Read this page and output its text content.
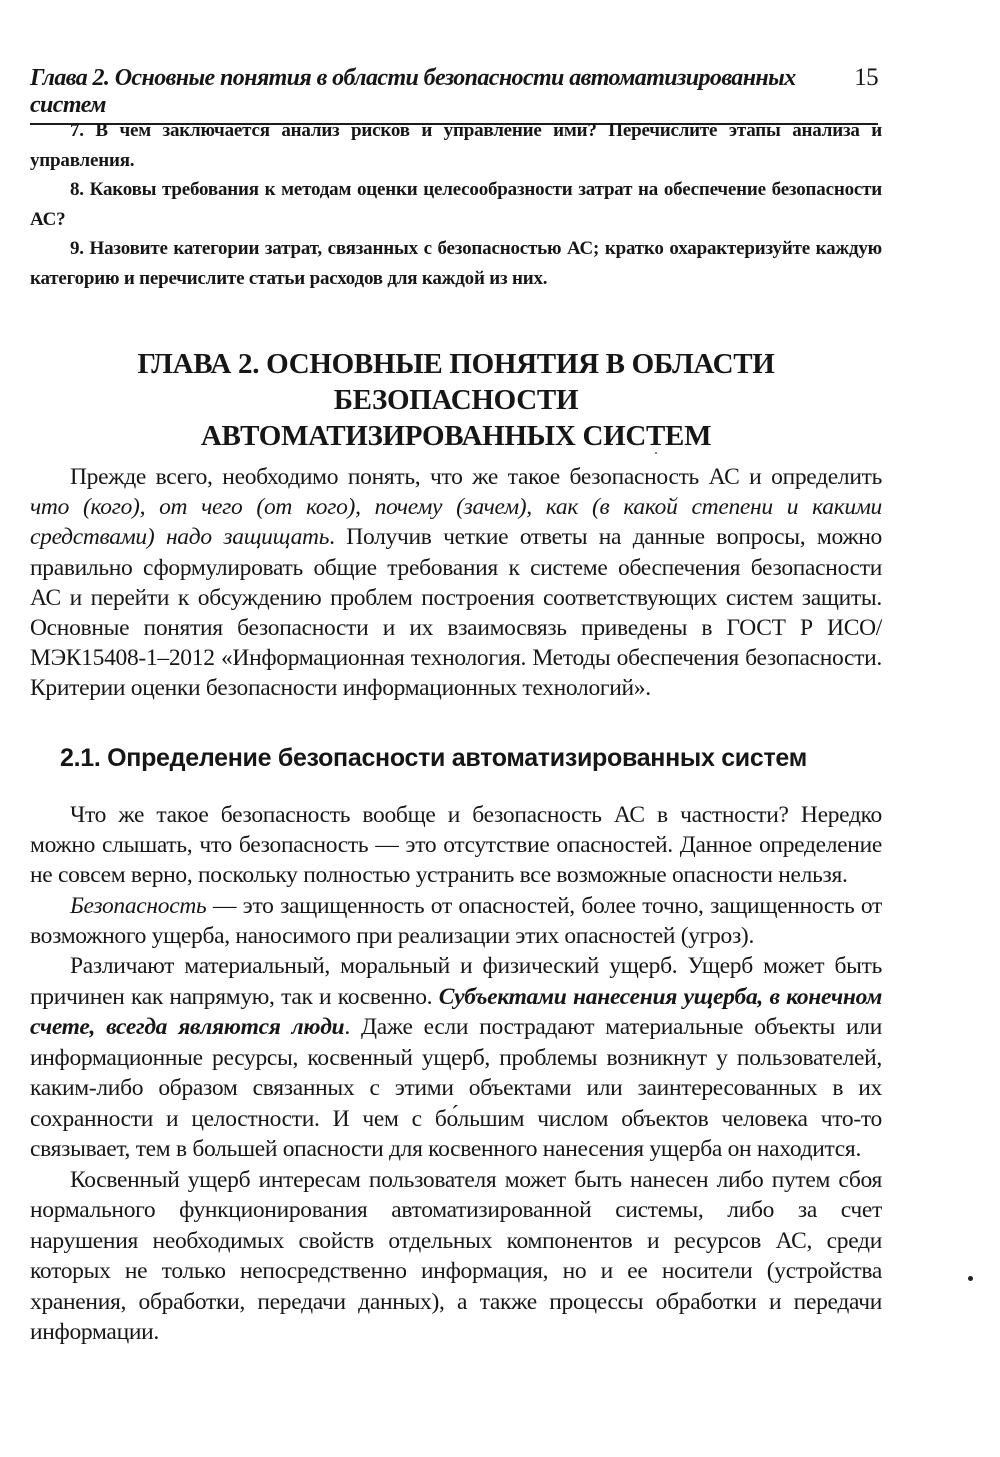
Глава 2. Основные понятия в области безопасности автоматизированных систем
15

7. В чем заключается анализ рисков и управление ими? Перечислите этапы анализа и управления.

8. Каковы требования к методам оценки целесообразности затрат на обеспечение безопасности АС?

9. Назовите категории затрат, связанных с безопасностью АС; кратко охарактеризуйте каждую категорию и перечислите статьи расходов для каждой из них.

ГЛАВА 2. ОСНОВНЫЕ ПОНЯТИЯ В ОБЛАСТИ БЕЗОПАСНОСТИ
АВТОМАТИЗИРОВАННЫХ СИСТЕМ

Прежде всего, необходимо понять, что же такое безопасность АС и определить что (кого), от чего (от кого), почему (зачем), как (в какой степени и какими средствами) надо защищать. Получив четкие ответы на данные вопросы, можно правильно сформулировать общие требования к системе обеспечения безопасности АС и перейти к обсуждению проблем построения соответствующих систем защиты. Основные понятия безопасности и их взаимосвязь приведены в ГОСТ Р ИСО/МЭК15408-1–2012 «Информационная технология. Методы обеспечения безопасности. Критерии оценки безопасности информационных технологий».

2.1. Определение безопасности автоматизированных систем

Что же такое безопасность вообще и безопасность АС в частности? Нередко можно слышать, что безопасность — это отсутствие опасностей. Данное определение не совсем верно, поскольку полностью устранить все возможные опасности нельзя.

Безопасность — это защищенность от опасностей, более точно, защищенность от возможного ущерба, наносимого при реализации этих опасностей (угроз).

Различают материальный, моральный и физический ущерб. Ущерб может быть причинен как напрямую, так и косвенно. Субъектами нанесения ущерба, в конечном счете, всегда являются люди. Даже если пострадают материальные объекты или информационные ресурсы, косвенный ущерб, проблемы возникнут у пользователей, каким-либо образом связанных с этими объектами или заинтересованных в их сохранности и целостности. И чем с бо́льшим числом объектов человека что-то связывает, тем в большей опасности для косвенного нанесения ущерба он находится.

Косвенный ущерб интересам пользователя может быть нанесен либо путем сбоя нормального функционирования автоматизированной системы, либо за счет нарушения необходимых свойств отдельных компонентов и ресурсов АС, среди которых не только непосредственно информация, но и ее носители (устройства хранения, обработки, передачи данных), а также процессы обработки и передачи информации.
